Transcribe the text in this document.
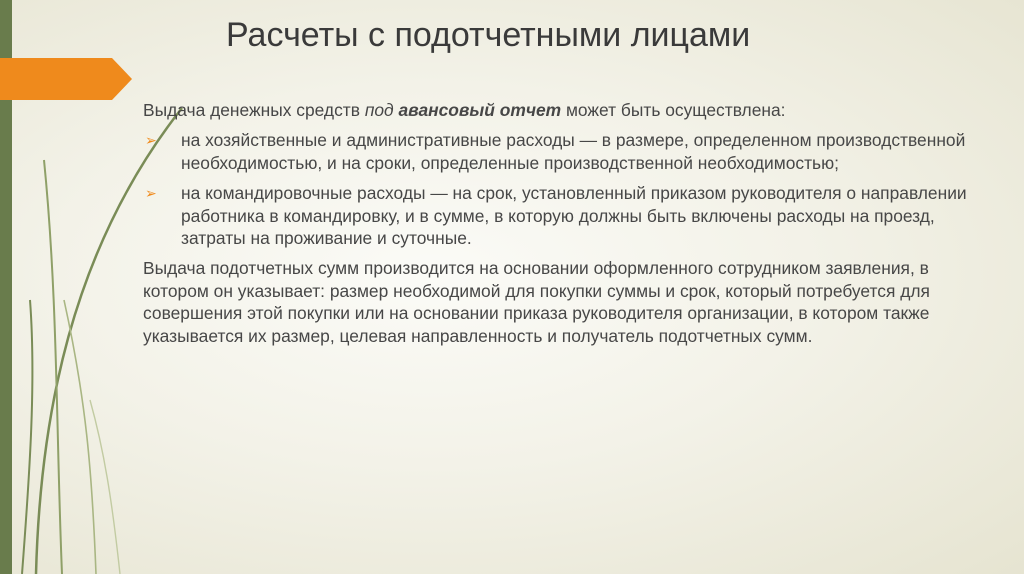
Расчеты с подотчетными лицами

Выдача денежных средств под авансовый отчет может быть осуществлена:

➢ на хозяйственные и административные расходы — в размере, определенном производственной необходимостью, и на сроки, определенные производственной необходимостью;
➢ на командировочные расходы — на срок, установленный приказом руководителя о направлении работника в командировку, и в сумме, в которую должны быть включены расходы на проезд, затраты на проживание и суточные.

Выдача подотчетных сумм производится на основании оформленного сотрудником заявления, в котором он указывает: размер необходимой для покупки суммы и срок, который потребуется для совершения этой покупки или на основании приказа руководителя организации, в котором также указывается их размер, целевая направленность и получатель подотчетных сумм.
